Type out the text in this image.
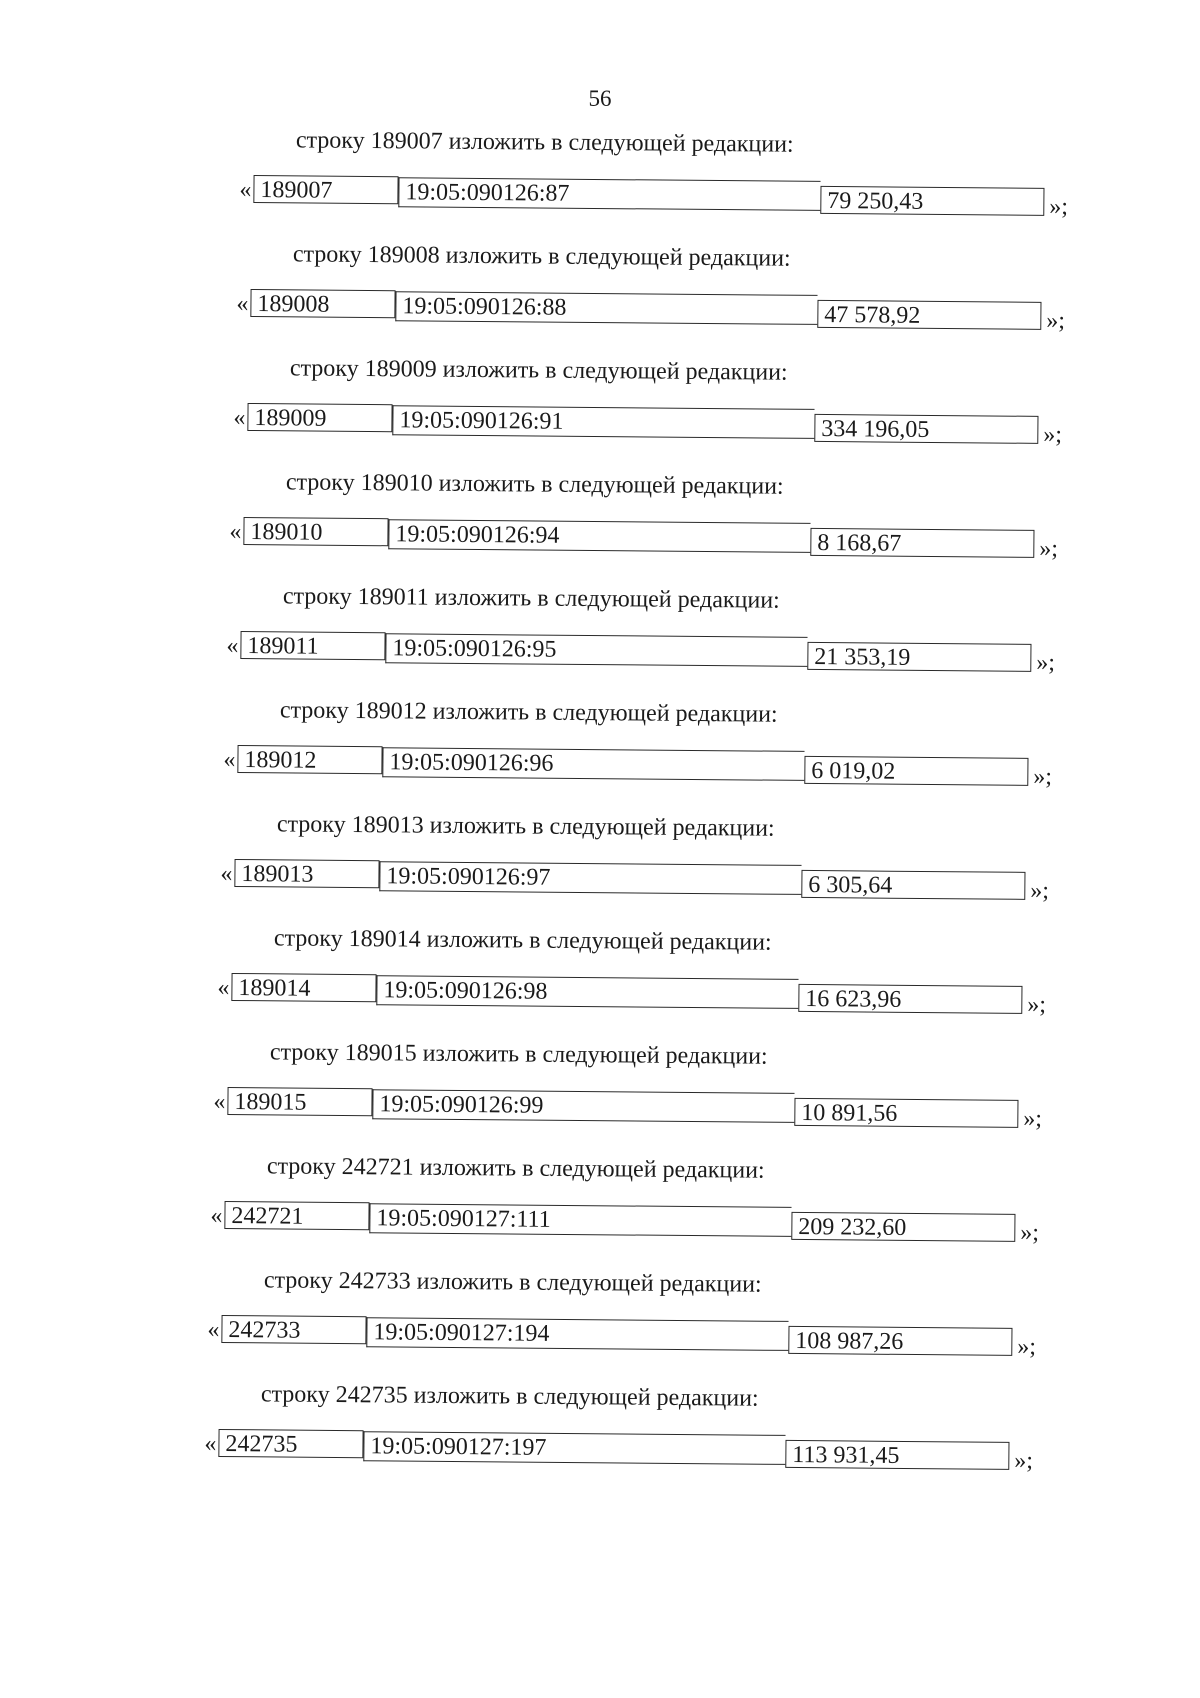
56
строку 189007 изложить в следующей редакции:
« 189007	19:05:090126:87	79 250,43	»;
строку 189008 изложить в следующей редакции:
« 189008	19:05:090126:88	47 578,92	»;
строку 189009 изложить в следующей редакции:
« 189009	19:05:090126:91	334 196,05	»;
строку 189010 изложить в следующей редакции:
« 189010	19:05:090126:94	8 168,67	»;
строку 189011 изложить в следующей редакции:
« 189011	19:05:090126:95	21 353,19	»;
строку 189012 изложить в следующей редакции:
« 189012	19:05:090126:96	6 019,02	»;
строку 189013 изложить в следующей редакции:
« 189013	19:05:090126:97	6 305,64	»;
строку 189014 изложить в следующей редакции:
« 189014	19:05:090126:98	16 623,96	»;
строку 189015 изложить в следующей редакции:
« 189015	19:05:090126:99	10 891,56	»;
строку 242721 изложить в следующей редакции:
« 242721	19:05:090127:111	209 232,60	»;
строку 242733 изложить в следующей редакции:
« 242733	19:05:090127:194	108 987,26	»;
строку 242735 изложить в следующей редакции:
« 242735	19:05:090127:197	113 931,45	»;
